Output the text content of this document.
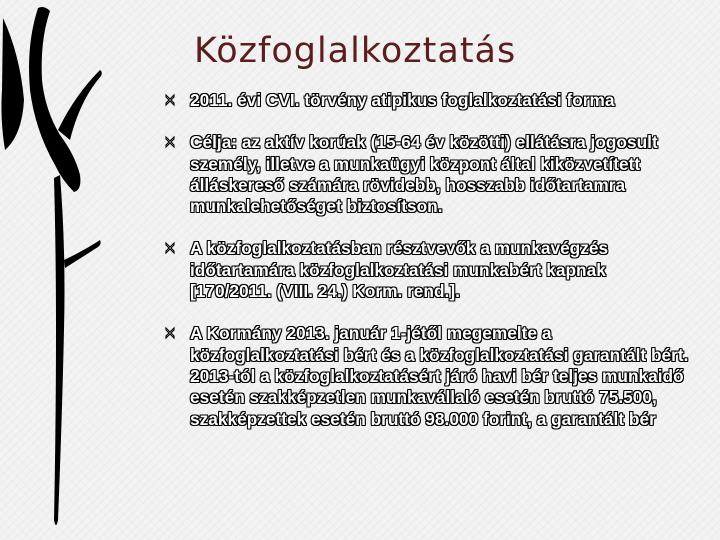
Közfoglalkoztatás
2011. évi CVI. törvény atipikus foglalkoztatási forma
Célja: az aktív korúak (15-64 év közötti) ellátásra jogosult személy, illetve a munkaügyi központ által kiközvetített álláskereső számára rövidebb, hosszabb időtartamra munkalehetőséget biztosítson.
A közfoglalkoztatásban résztvevők a munkavégzés időtartamára közfoglalkoztatási munkabért kapnak [170/2011. (VIII. 24.) Korm. rend.].
A Kormány 2013. január 1-jétől megemelte a közfoglalkoztatási bért és a közfoglalkoztatási garantált bért. 2013-tól a közfoglalkoztatásért járó havi bér teljes munkaidő esetén szakképzetlen munkavállaló esetén bruttó 75.500, szakképzettek esetén bruttó 98.000 forint, a garantált bér
